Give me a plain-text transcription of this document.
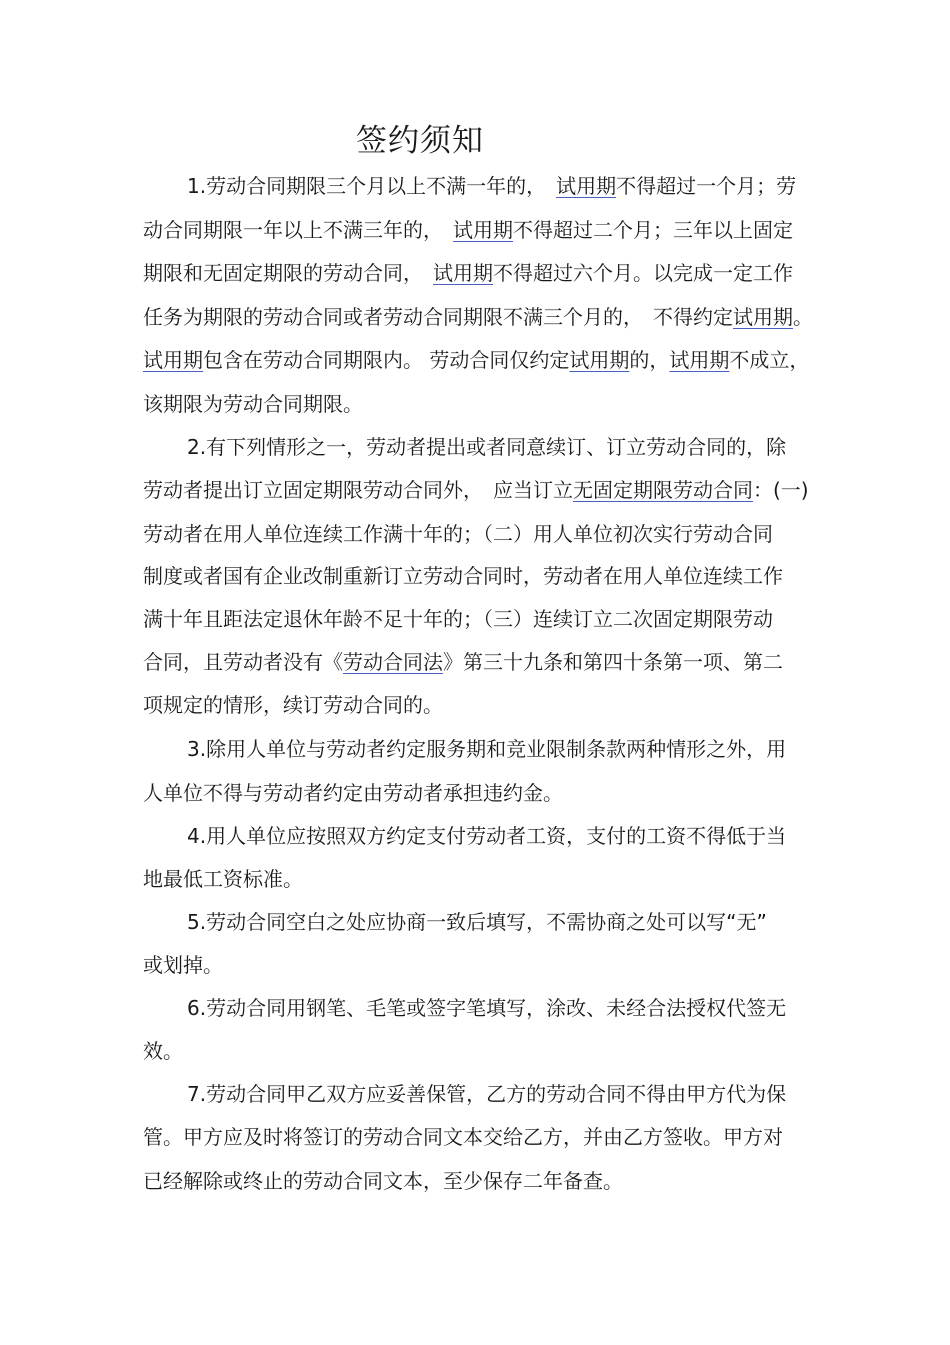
签约须知
1.劳动合同期限三个月以上不满一年的，　 试用期不得超过一个月；劳
动合同期限一年以上不满三年的，　 试用期不得超过二个月；三年以上固定
期限和无固定期限的劳动合同，　 试用期不得超过六个月。以完成一定工作
任务为期限的劳动合同或者劳动合同期限不满三个月的，　 不得约定试用期。
试用期包含在劳动合同期限内。 劳动合同仅约定试用期的，试用期不成立，
该期限为劳动合同期限。
2.有下列情形之一，劳动者提出或者同意续订、订立劳动合同的，除
劳动者提出订立固定期限劳动合同外，　 应当订立无固定期限劳动合同：(一)
劳动者在用人单位连续工作满十年的；（二）用人单位初次实行劳动合同
制度或者国有企业改制重新订立劳动合同时，劳动者在用人单位连续工作
满十年且距法定退休年龄不足十年的；（三）连续订立二次固定期限劳动
合同，且劳动者没有《劳动合同法》第三十九条和第四十条第一项、第二
项规定的情形，续订劳动合同的。
3.除用人单位与劳动者约定服务期和竞业限制条款两种情形之外，用
人单位不得与劳动者约定由劳动者承担违约金。
4.用人单位应按照双方约定支付劳动者工资，支付的工资不得低于当
地最低工资标准。
5.劳动合同空白之处应协商一致后填写，不需协商之处可以写“无”
或划掉。
6.劳动合同用钢笔、毛笔或签字笔填写，涂改、未经合法授权代签无
效。
7.劳动合同甲乙双方应妥善保管，乙方的劳动合同不得由甲方代为保
管。甲方应及时将签订的劳动合同文本交给乙方，并由乙方签收。甲方对
已经解除或终止的劳动合同文本，至少保存二年备查。
